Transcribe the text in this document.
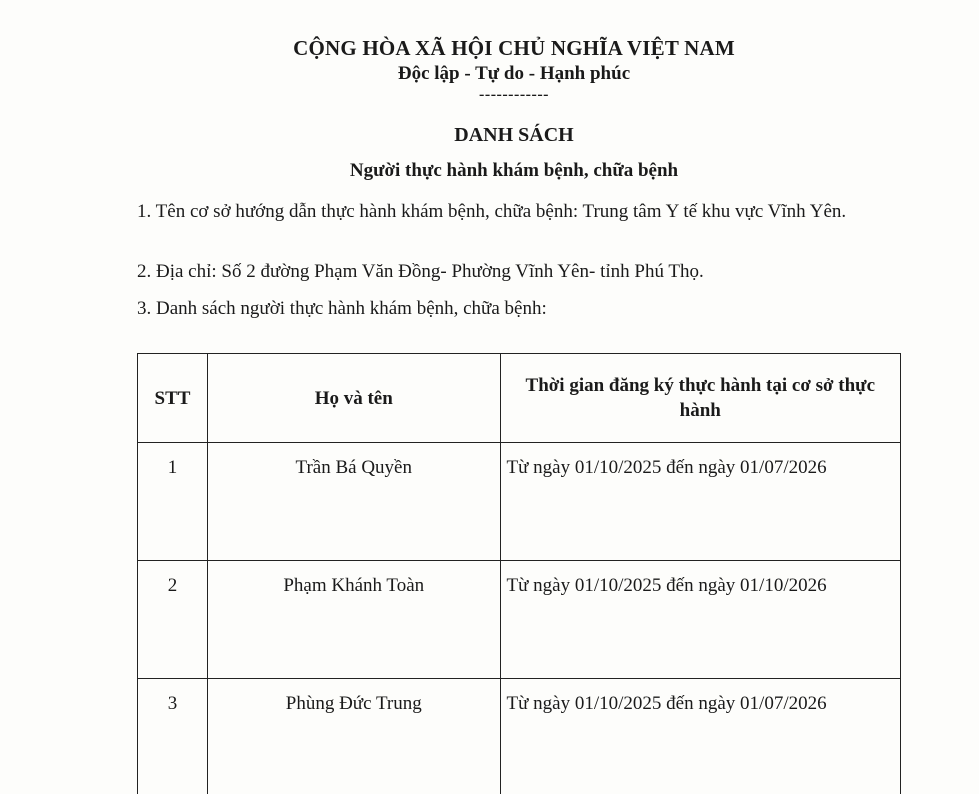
CỘNG HÒA XÃ HỘI CHỦ NGHĨA VIỆT NAM
Độc lập - Tự do - Hạnh phúc
------------
DANH SÁCH
Người thực hành khám bệnh, chữa bệnh
1. Tên cơ sở hướng dẫn thực hành khám bệnh, chữa bệnh: Trung tâm Y tế khu vực Vĩnh Yên.
2. Địa chỉ: Số 2 đường Phạm Văn Đồng- Phường Vĩnh Yên- tỉnh Phú Thọ.
3. Danh sách người thực hành khám bệnh, chữa bệnh:
STT	Họ và tên	Thời gian đăng ký thực hành tại cơ sở thực hành
1	Trần Bá Quyền	Từ ngày 01/10/2025 đến ngày 01/07/2026
2	Phạm Khánh Toàn	Từ ngày 01/10/2025 đến ngày 01/10/2026
3	Phùng Đức Trung	Từ ngày 01/10/2025 đến ngày 01/07/2026
